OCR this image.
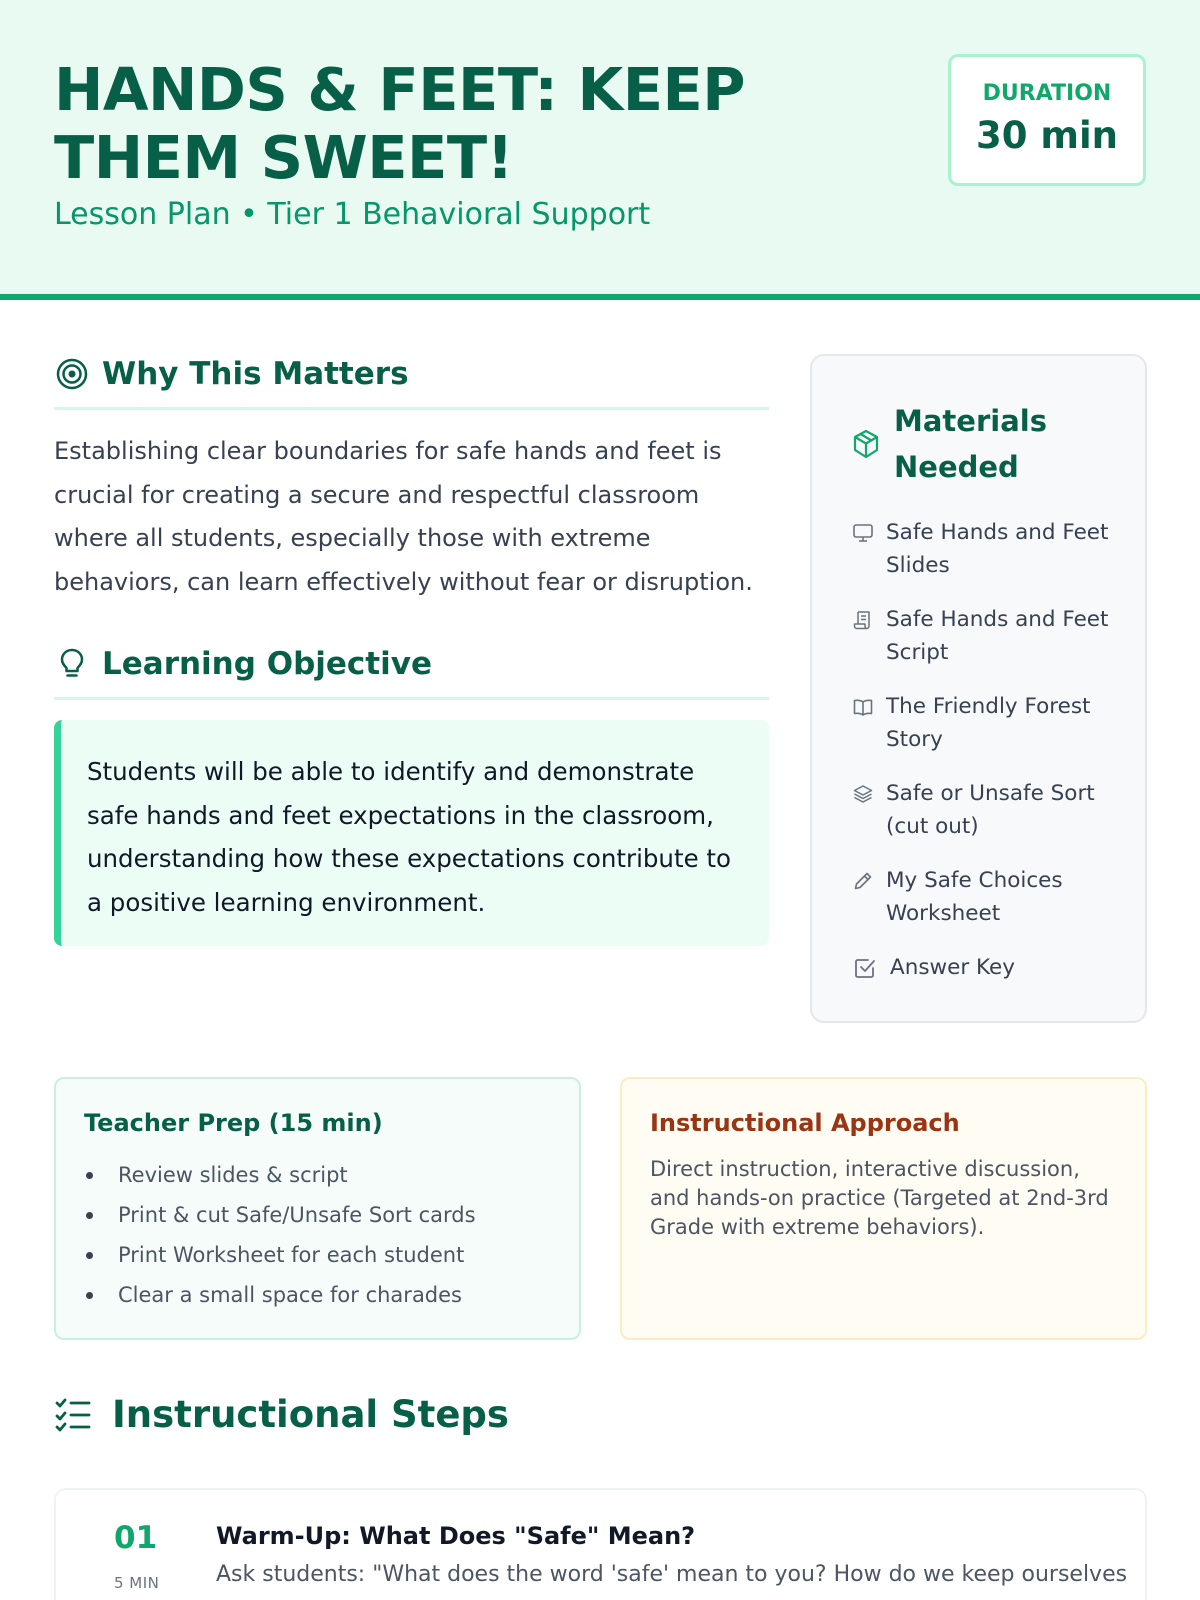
HANDS & FEET: KEEP THEM SWEET!
Lesson Plan • Tier 1 Behavioral Support
DURATION
30 min
Why This Matters

Establishing clear boundaries for safe hands and feet is crucial for creating a secure and respectful classroom where all students, especially those with extreme behaviors, can learn effectively without fear or disruption.

Learning Objective
Students will be able to identify and demonstrate safe hands and feet expectations in the classroom, understanding how these expectations contribute to a positive learning environment.
Materials Needed
Safe Hands and Feet Slides
Safe Hands and Feet Script
The Friendly Forest Story
Safe or Unsafe Sort (cut out)
My Safe Choices Worksheet
Answer Key
Teacher Prep (15 min)
Review slides & script
Print & cut Safe/Unsafe Sort cards
Print Worksheet for each student
Clear a small space for charades
Instructional Approach

Direct instruction, interactive discussion, and hands-on practice (Targeted at 2nd-3rd Grade with extreme behaviors).

Instructional Steps
01
5 MIN
Warm-Up: What Does "Safe" Mean?
Ask students: "What does the word 'safe' mean to you? How do we keep ourselves
